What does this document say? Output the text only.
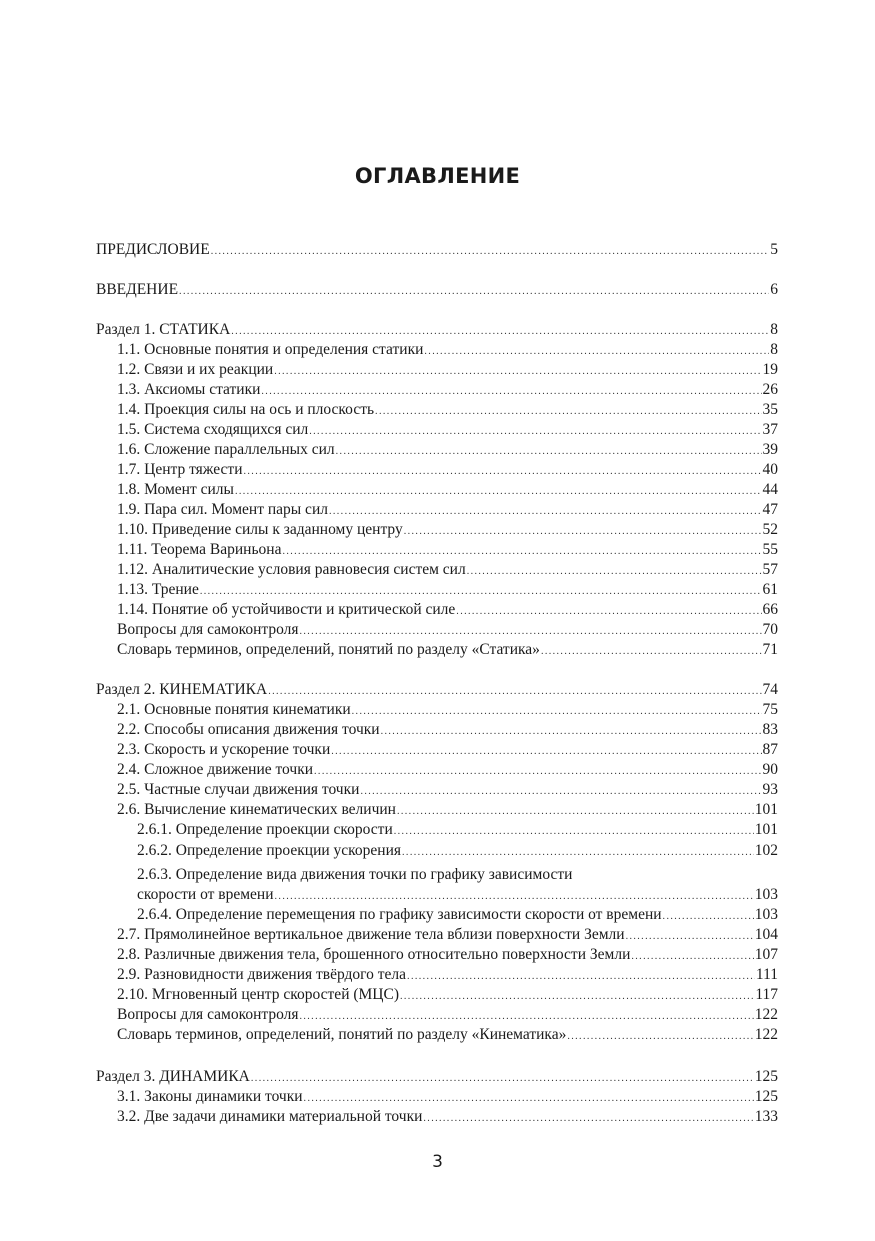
ОГЛАВЛЕНИЕ
ПРЕДИСЛОВИЕ .....	5
ВВЕДЕНИЕ .....	6
Раздел 1. СТАТИКА .....	8
1.1. Основные понятия и определения статики .....	8
1.2. Связи и их реакции .....	19
1.3. Аксиомы статики .....	26
1.4. Проекция силы на ось и плоскость .....	35
1.5. Система сходящихся сил .....	37
1.6. Сложение параллельных сил .....	39
1.7. Центр тяжести .....	40
1.8. Момент силы .....	44
1.9. Пара сил. Момент пары сил .....	47
1.10. Приведение силы к заданному центру .....	52
1.11. Теорема Вариньона .....	55
1.12. Аналитические условия равновесия систем сил .....	57
1.13. Трение .....	61
1.14. Понятие об устойчивости и критической силе .....	66
Вопросы для самоконтроля .....	70
Словарь терминов, определений, понятий по разделу «Статика» .....	71
Раздел 2. КИНЕМАТИКА .....	74
2.1. Основные понятия кинематики .....	75
2.2. Способы описания движения точки .....	83
2.3. Скорость и ускорение точки .....	87
2.4. Сложное движение точки .....	90
2.5. Частные случаи движения точки .....	93
2.6. Вычисление кинематических величин .....	101
2.6.1. Определение проекции скорости .....	101
2.6.2. Определение проекции ускорения .....	102
2.6.3. Определение вида движения точки по графику зависимости
скорости от времени .....	103
2.6.4. Определение перемещения по графику зависимости скорости от времени .....	103
2.7. Прямолинейное вертикальное движение тела вблизи поверхности Земли .....	104
2.8. Различные движения тела, брошенного относительно поверхности Земли .....	107
2.9. Разновидности движения твёрдого тела .....	111
2.10. Мгновенный центр скоростей (МЦС) .....	117
Вопросы для самоконтроля .....	122
Словарь терминов, определений, понятий по разделу «Кинематика» .....	122
Раздел 3. ДИНАМИКА .....	125
3.1. Законы динамики точки .....	125
3.2. Две задачи динамики материальной точки .....	133
3
